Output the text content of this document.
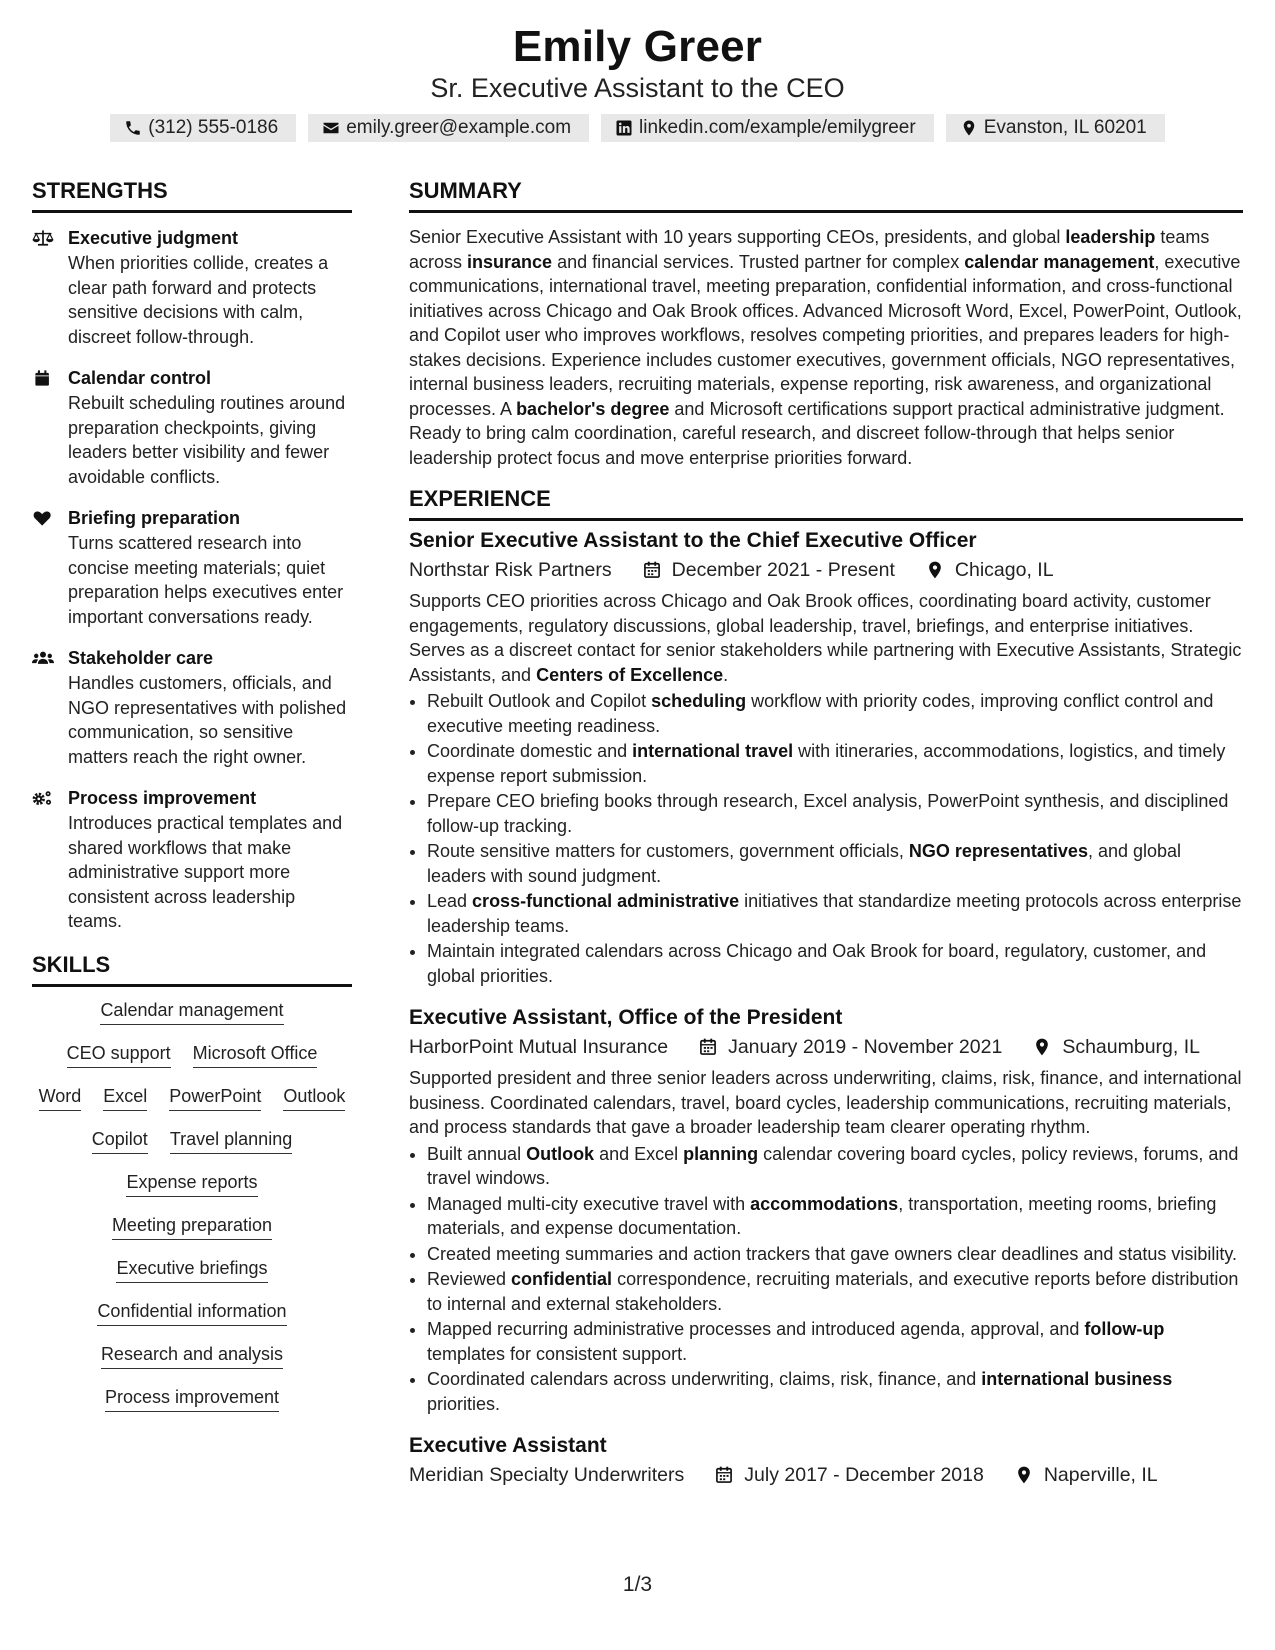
Emily Greer
Sr. Executive Assistant to the CEO
(312) 555-0186	emily.greer@example.com	linkedin.com/example/emilygreer	Evanston, IL 60201
STRENGTHS
Executive judgment
When priorities collide, creates a clear path forward and protects sensitive decisions with calm, discreet follow-through.
Calendar control
Rebuilt scheduling routines around preparation checkpoints, giving leaders better visibility and fewer avoidable conflicts.
Briefing preparation
Turns scattered research into concise meeting materials; quiet preparation helps executives enter important conversations ready.
Stakeholder care
Handles customers, officials, and NGO representatives with polished communication, so sensitive matters reach the right owner.
Process improvement
Introduces practical templates and shared workflows that make administrative support more consistent across leadership teams.
SKILLS
Calendar management
CEO support Microsoft Office
Word Excel PowerPoint Outlook
Copilot Travel planning
Expense reports
Meeting preparation
Executive briefings
Confidential information
Research and analysis
Process improvement
SUMMARY

Senior Executive Assistant with 10 years supporting CEOs, presidents, and global leadership teams across insurance and financial services. Trusted partner for complex calendar management, executive communications, international travel, meeting preparation, confidential information, and cross-functional initiatives across Chicago and Oak Brook offices. Advanced Microsoft Word, Excel, PowerPoint, Outlook, and Copilot user who improves workflows, resolves competing priorities, and prepares leaders for high-stakes decisions. Experience includes customer executives, government officials, NGO representatives, internal business leaders, recruiting materials, expense reporting, risk awareness, and organizational processes. A bachelor's degree and Microsoft certifications support practical administrative judgment. Ready to bring calm coordination, careful research, and discreet follow-through that helps senior leadership protect focus and move enterprise priorities forward.

EXPERIENCE
Senior Executive Assistant to the Chief Executive Officer
Northstar Risk Partners	December 2021 - Present	Chicago, IL

Supports CEO priorities across Chicago and Oak Brook offices, coordinating board activity, customer engagements, regulatory discussions, global leadership, travel, briefings, and enterprise initiatives. Serves as a discreet contact for senior stakeholders while partnering with Executive Assistants, Strategic Assistants, and Centers of Excellence.

• Rebuilt Outlook and Copilot scheduling workflow with priority codes, improving conflict control and executive meeting readiness.
• Coordinate domestic and international travel with itineraries, accommodations, logistics, and timely expense report submission.
• Prepare CEO briefing books through research, Excel analysis, PowerPoint synthesis, and disciplined follow-up tracking.
• Route sensitive matters for customers, government officials, NGO representatives, and global leaders with sound judgment.
• Lead cross-functional administrative initiatives that standardize meeting protocols across enterprise leadership teams.
• Maintain integrated calendars across Chicago and Oak Brook for board, regulatory, customer, and global priorities.
Executive Assistant, Office of the President
HarborPoint Mutual Insurance	January 2019 - November 2021	Schaumburg, IL

Supported president and three senior leaders across underwriting, claims, risk, finance, and international business. Coordinated calendars, travel, board cycles, leadership communications, recruiting materials, and process standards that gave a broader leadership team clearer operating rhythm.

• Built annual Outlook and Excel planning calendar covering board cycles, policy reviews, forums, and travel windows.
• Managed multi-city executive travel with accommodations, transportation, meeting rooms, briefing materials, and expense documentation.
• Created meeting summaries and action trackers that gave owners clear deadlines and status visibility.
• Reviewed confidential correspondence, recruiting materials, and executive reports before distribution to internal and external stakeholders.
• Mapped recurring administrative processes and introduced agenda, approval, and follow-up templates for consistent support.
• Coordinated calendars across underwriting, claims, risk, finance, and international business priorities.
Executive Assistant
Meridian Specialty Underwriters	July 2017 - December 2018	Naperville, IL
1/3
